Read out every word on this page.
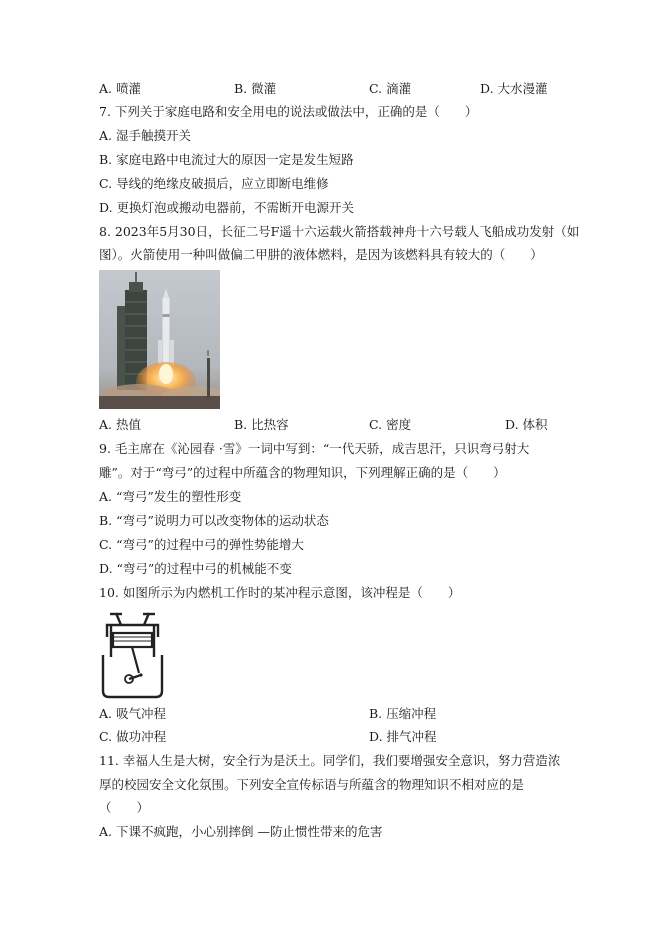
A. 喷灌	B. 微灌	C. 滴灌	D. 大水漫灌
7. 下列关于家庭电路和安全用电的说法或做法中，正确的是（　　）
A. 湿手触摸开关
B. 家庭电路中电流过大的原因一定是发生短路
C. 导线的绝缘皮破损后，应立即断电维修
D. 更换灯泡或搬动电器前，不需断开电源开关
8. 2023年5月30日，长征二号F遥十六运载火箭搭载神舟十六号载人飞船成功发射（如
图）。火箭使用一种叫做偏二甲肼的液体燃料，是因为该燃料具有较大的（　　）
A. 热值	B. 比热容	C. 密度	D. 体积
9. 毛主席在《沁园春 ·雪》一词中写到：“一代天骄，成吉思汗，只识弯弓射大
雕”。对于“弯弓”的过程中所蕴含的物理知识，下列理解正确的是（　　）
A. “弯弓”发生的塑性形变
B. “弯弓”说明力可以改变物体的运动状态
C. “弯弓”的过程中弓的弹性势能增大
D. “弯弓”的过程中弓的机械能不变
10. 如图所示为内燃机工作时的某冲程示意图，该冲程是（　　）
A. 吸气冲程	B. 压缩冲程
C. 做功冲程	D. 排气冲程
11. 幸福人生是大树，安全行为是沃土。同学们，我们要增强安全意识，努力营造浓
厚的校园安全文化氛围。下列安全宣传标语与所蕴含的物理知识不相对应的是
（　　）
A. 下课不疯跑，小心别摔倒 —防止惯性带来的危害
